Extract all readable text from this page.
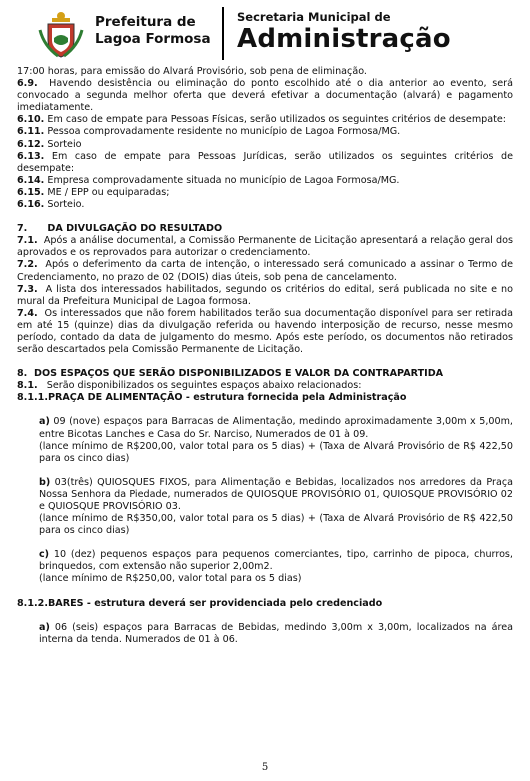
Prefeitura de
Lagoa Formosa
Secretaria Municipal de
Administração

17:00 horas, para emissão do Alvará Provisório, sob pena de eliminação.

6.9. Havendo desistência ou eliminação do ponto escolhido até o dia anterior ao evento, será convocado a segunda melhor oferta que deverá efetivar a documentação (alvará) e pagamento imediatamente.

6.10. Em caso de empate para Pessoas Físicas, serão utilizados os seguintes critérios de desempate:

6.11. Pessoa comprovadamente residente no município de Lagoa Formosa/MG.

6.12. Sorteio

6.13. Em caso de empate para Pessoas Jurídicas, serão utilizados os seguintes critérios de desempate:

6.14. Empresa comprovadamente situada no município de Lagoa Formosa/MG.

6.15. ME / EPP ou equiparadas;

6.16. Sorteio.

7.      DA DIVULGAÇÃO DO RESULTADO

7.1. Após a análise documental, a Comissão Permanente de Licitação apresentará a relação geral dos aprovados e os reprovados para autorizar o credenciamento.

7.2. Após o deferimento da carta de intenção, o interessado será comunicado a assinar o Termo de Credenciamento, no prazo de 02 (DOIS) dias úteis, sob pena de cancelamento.

7.3. A lista dos interessados habilitados, segundo os critérios do edital, será publicada no site e no mural da Prefeitura Municipal de Lagoa formosa.

7.4. Os interessados que não forem habilitados terão sua documentação disponível para ser retirada em até 15 (quinze) dias da divulgação referida ou havendo interposição de recurso, nesse mesmo período, contado da data de julgamento do mesmo. Após este período, os documentos não retirados serão descartados pela Comissão Permanente de Licitação.

8.  DOS ESPAÇOS QUE SERÃO DISPONIBILIZADOS E VALOR DA CONTRAPARTIDA

8.1. Serão disponibilizados os seguintes espaços abaixo relacionados:

8.1.1.PRAÇA DE ALIMENTAÇÃO - estrutura fornecida pela Administração

a) 09 (nove) espaços para Barracas de Alimentação, medindo aproximadamente 3,00m x 5,00m, entre Bicotas Lanches e Casa do Sr. Narciso, Numerados de 01 à 09.

(lance mínimo de R$200,00, valor total para os 5 dias) + (Taxa de Alvará Provisório de R$ 422,50 para os cinco dias)

b) 03(três) QUIOSQUES FIXOS, para Alimentação e Bebidas, localizados nos arredores da Praça Nossa Senhora da Piedade, numerados de QUIOSQUE PROVISÓRIO 01, QUIOSQUE PROVISÓRIO 02 e QUIOSQUE PROVISÓRIO 03.

(lance mínimo de R$350,00, valor total para os 5 dias) + (Taxa de Alvará Provisório de R$ 422,50 para os cinco dias)

c) 10 (dez) pequenos espaços para pequenos comerciantes, tipo, carrinho de pipoca, churros, brinquedos, com extensão não superior 2,00m2.

(lance mínimo de R$250,00, valor total para os 5 dias)

8.1.2.BARES - estrutura deverá ser providenciada pelo credenciado

a) 06 (seis) espaços para Barracas de Bebidas, medindo 3,00m x 3,00m, localizados na área interna da tenda. Numerados de 01 à 06.

5
